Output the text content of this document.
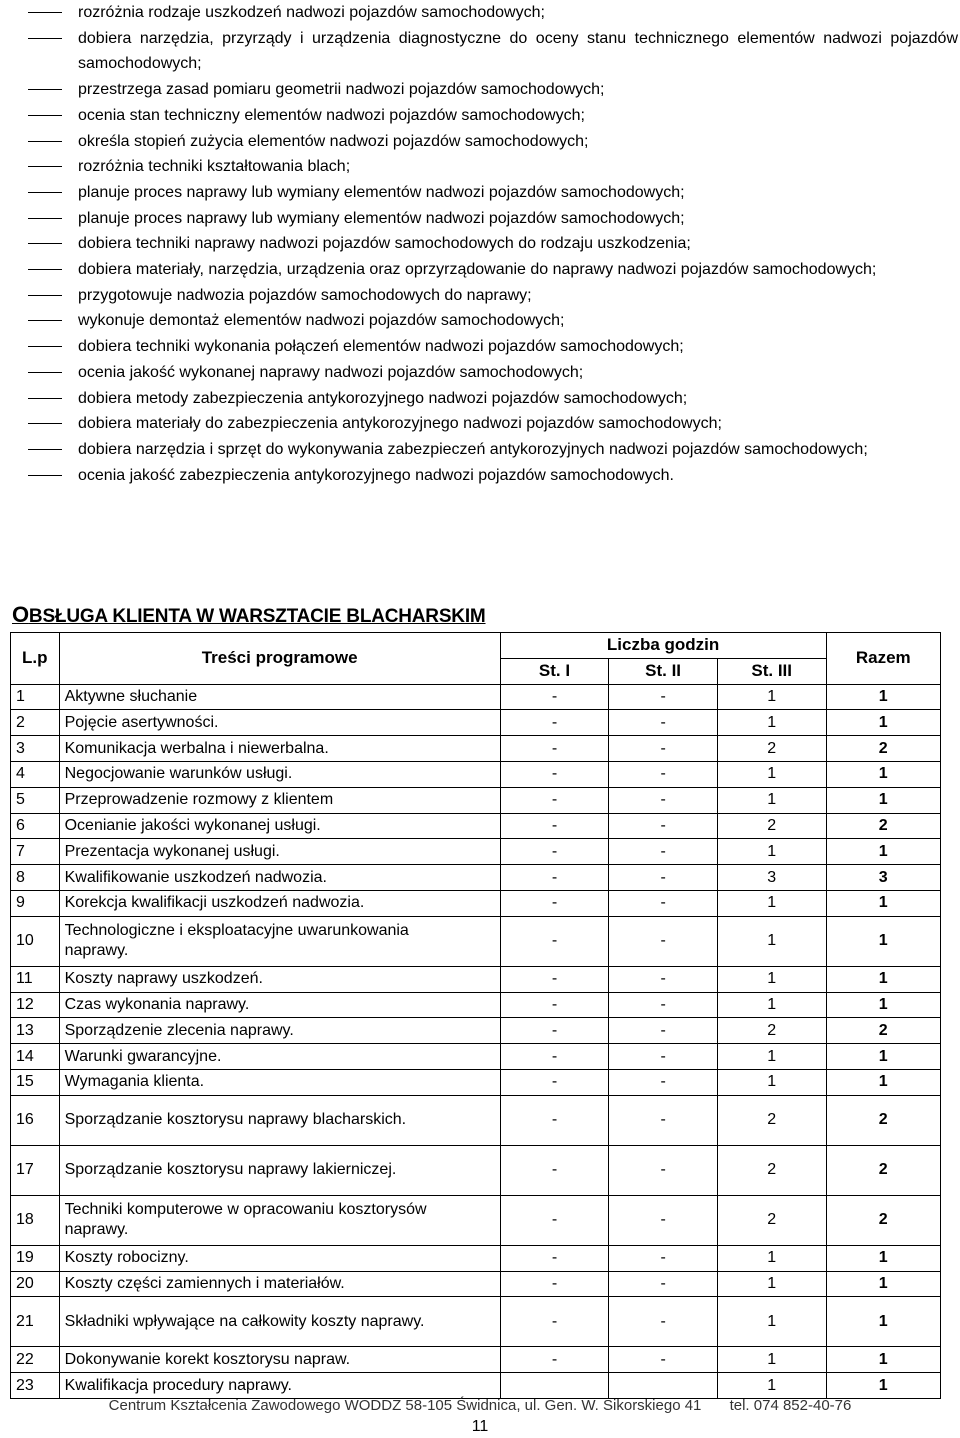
rozróżnia rodzaje uszkodzeń nadwozi pojazdów samochodowych;
dobiera narzędzia, przyrządy i urządzenia diagnostyczne do oceny stanu technicznego elementów nadwozi pojazdów samochodowych;
przestrzega zasad pomiaru geometrii nadwozi pojazdów samochodowych;
ocenia stan techniczny elementów nadwozi pojazdów samochodowych;
określa stopień zużycia elementów nadwozi pojazdów samochodowych;
rozróżnia techniki kształtowania blach;
planuje proces naprawy lub wymiany elementów nadwozi pojazdów samochodowych;
planuje proces naprawy lub wymiany elementów nadwozi pojazdów samochodowych;
dobiera techniki naprawy nadwozi pojazdów samochodowych do rodzaju uszkodzenia;
dobiera materiały, narzędzia, urządzenia oraz oprzyrządowanie do naprawy nadwozi pojazdów samochodowych;
przygotowuje nadwozia pojazdów samochodowych do naprawy;
wykonuje demontaż elementów nadwozi pojazdów samochodowych;
dobiera techniki wykonania połączeń elementów nadwozi pojazdów samochodowych;
ocenia jakość wykonanej naprawy nadwozi pojazdów samochodowych;
dobiera metody zabezpieczenia antykorozyjnego nadwozi pojazdów samochodowych;
dobiera materiały do zabezpieczenia antykorozyjnego nadwozi pojazdów samochodowych;
dobiera narzędzia i sprzęt do wykonywania zabezpieczeń antykorozyjnych nadwozi pojazdów samochodowych;
ocenia jakość zabezpieczenia antykorozyjnego nadwozi pojazdów samochodowych.
OBSŁUGA KLIENTA W WARSZTACIE BLACHARSKIM
L.p	Treści programowe	Liczba godzin			Razem
		St. I	St. II	St. III	
1	Aktywne słuchanie	-	-	1	1
2	Pojęcie asertywności.	-	-	1	1
3	Komunikacja werbalna i niewerbalna.	-	-	2	2
4	Negocjowanie warunków usługi.	-	-	1	1
5	Przeprowadzenie rozmowy z klientem	-	-	1	1
6	Ocenianie jakości wykonanej usługi.	-	-	2	2
7	Prezentacja wykonanej usługi.	-	-	1	1
8	Kwalifikowanie uszkodzeń nadwozia.	-	-	3	3
9	Korekcja kwalifikacji uszkodzeń nadwozia.	-	-	1	1
10	Technologiczne i eksploatacyjne uwarunkowania naprawy.	-	-	1	1
11	Koszty naprawy uszkodzeń.	-	-	1	1
12	Czas wykonania naprawy.	-	-	1	1
13	Sporządzenie zlecenia naprawy.	-	-	2	2
14	Warunki gwarancyjne.	-	-	1	1
15	Wymagania klienta.	-	-	1	1
16	Sporządzanie kosztorysu naprawy blacharskich.	-	-	2	2
17	Sporządzanie kosztorysu naprawy lakierniczej.	-	-	2	2
18	Techniki komputerowe w opracowaniu kosztorysów naprawy.	-	-	2	2
19	Koszty robocizny.	-	-	1	1
20	Koszty części zamiennych i materiałów.	-	-	1	1
21	Składniki wpływające na całkowity koszty naprawy.	-	-	1	1
22	Dokonywanie korekt kosztorysu napraw.	-	-	1	1
23	Kwalifikacja procedury naprawy.			1	1
Centrum Kształcenia Zawodowego WODDZ 58-105 Świdnica, ul. Gen. W. Sikorskiego 41 tel. 074 852-40-76
11
